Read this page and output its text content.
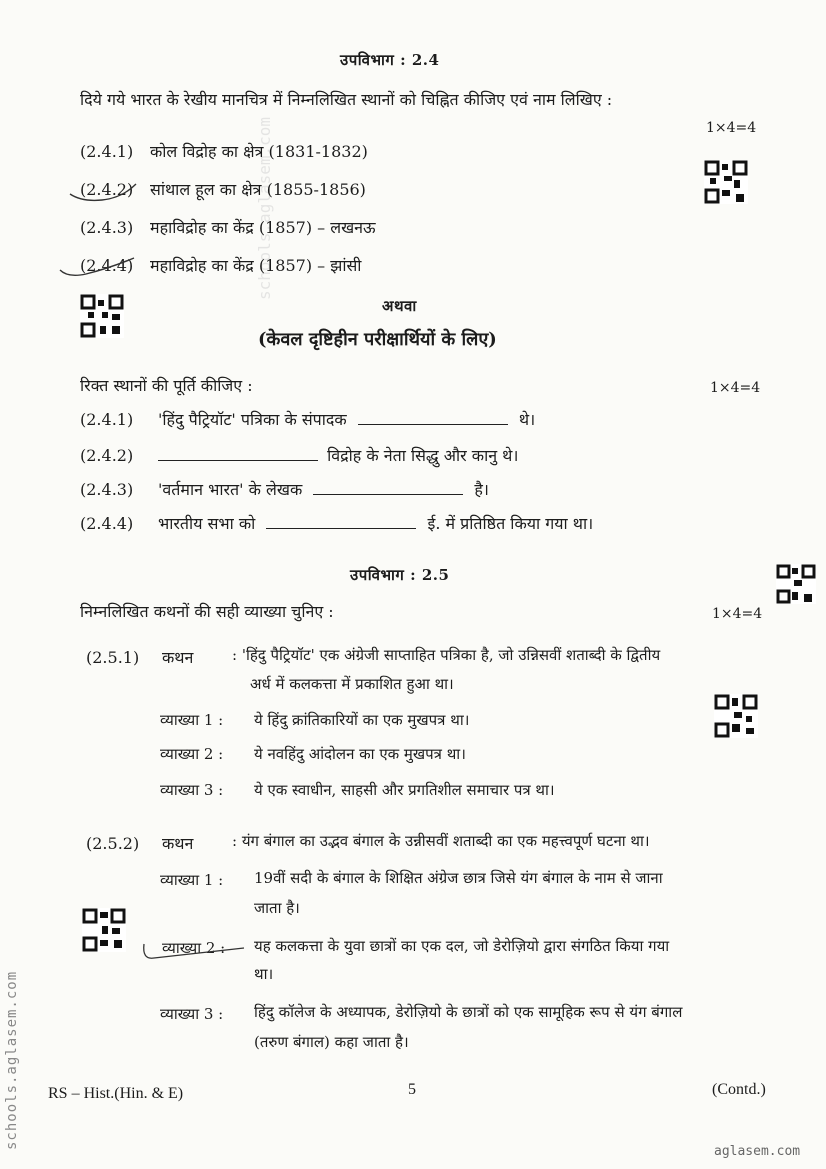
schools.aglasem.com
उपविभाग : 2.4
दिये गये भारत के रेखीय मानचित्र में निम्नलिखित स्थानों को चिह्नित कीजिए एवं नाम लिखिए :
1×4=4
(2.4.1) कोल विद्रोह का क्षेत्र (1831-1832)
(2.4.2) सांथाल हूल का क्षेत्र (1855-1856)
(2.4.3) महाविद्रोह का केंद्र (1857) – लखनऊ
(2.4.4) महाविद्रोह का केंद्र (1857) – झांसी
अथवा
(केवल दृष्टिहीन परीक्षार्थियों के लिए)
रिक्त स्थानों की पूर्ति कीजिए :	1×4=4
(2.4.1) 'हिंदु पैट्रियॉट' पत्रिका के संपादक	थे।
(2.4.2)	विद्रोह के नेता सिद्धु और कानु थे।
(2.4.3) 'वर्तमान भारत' के लेखक	है।
(2.4.4) भारतीय सभा को	ई. में प्रतिष्ठित किया गया था।
उपविभाग : 2.5
निम्नलिखित कथनों की सही व्याख्या चुनिए :	1×4=4
(2.5.1) कथन	: 'हिंदु पैट्रियॉट' एक अंग्रेजी साप्ताहित पत्रिका है, जो उन्निसवीं शताब्दी के द्वितीय
अर्ध में कलकत्ता में प्रकाशित हुआ था।
व्याख्या 1 : ये हिंदु क्रांतिकारियों का एक मुखपत्र था।
व्याख्या 2 : ये नवहिंदु आंदोलन का एक मुखपत्र था।
व्याख्या 3 : ये एक स्वाधीन, साहसी और प्रगतिशील समाचार पत्र था।
(2.5.2) कथन	: यंग बंगाल का उद्भव बंगाल के उन्नीसवीं शताब्दी का एक महत्त्वपूर्ण घटना था।
व्याख्या 1 : 19वीं सदी के बंगाल के शिक्षित अंग्रेज छात्र जिसे यंग बंगाल के नाम से जाना
जाता है।
व्याख्या 2 : यह कलकत्ता के युवा छात्रों का एक दल, जो डेरोज़ियो द्वारा संगठित किया गया
था।
व्याख्या 3 : हिंदु कॉलेज के अध्यापक, डेरोज़ियो के छात्रों को एक सामूहिक रूप से यंग बंगाल
(तरुण बंगाल) कहा जाता है।
RS – Hist.(Hin. & E)	5	(Contd.)
aglasem.com
schools.aglasem.com
